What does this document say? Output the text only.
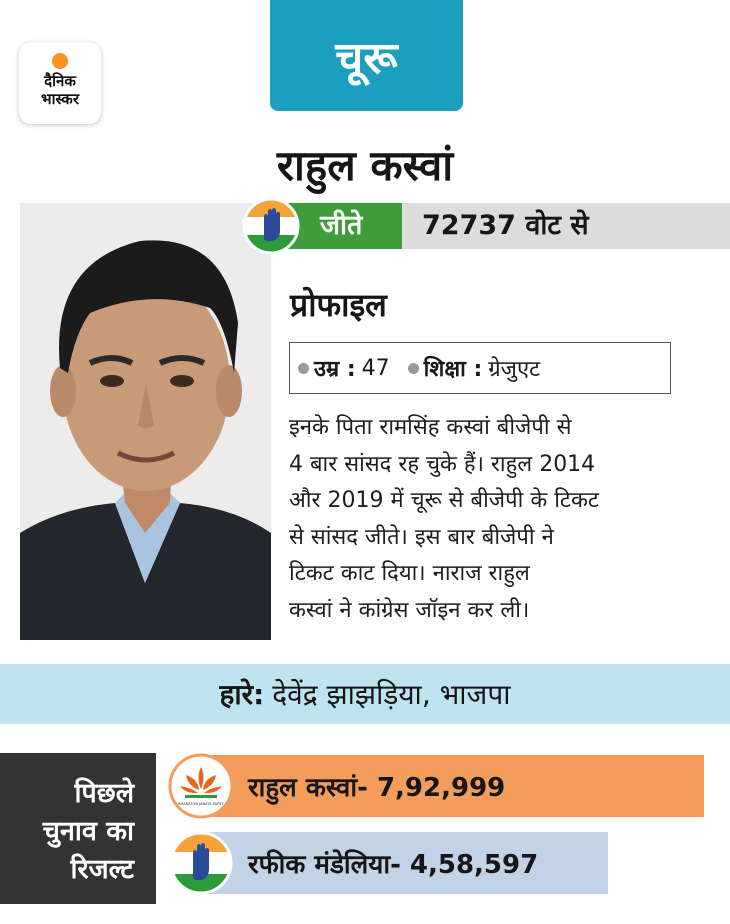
दैनिक
भास्कर
चूरू
राहुल कस्वां
जीते 72737 वोट से
प्रोफाइल
उम्र : 47 शिक्षा : ग्रेजुएट
इनके पिता रामसिंह कस्वां बीजेपी से
4 बार सांसद रह चुके हैं। राहुल 2014
और 2019 में चूरू से बीजेपी के टिकट
से सांसद जीते। इस बार बीजेपी ने
टिकट काट दिया। नाराज राहुल
कस्वां ने कांग्रेस जॉइन कर ली।
हारे: देवेंद्र झाझड़िया, भाजपा
पिछले
चुनाव का
रिजल्ट
राहुल कस्वां- 7,92,999
BHARATIYA JANATA PARTY
रफीक मंडेलिया- 4,58,597
